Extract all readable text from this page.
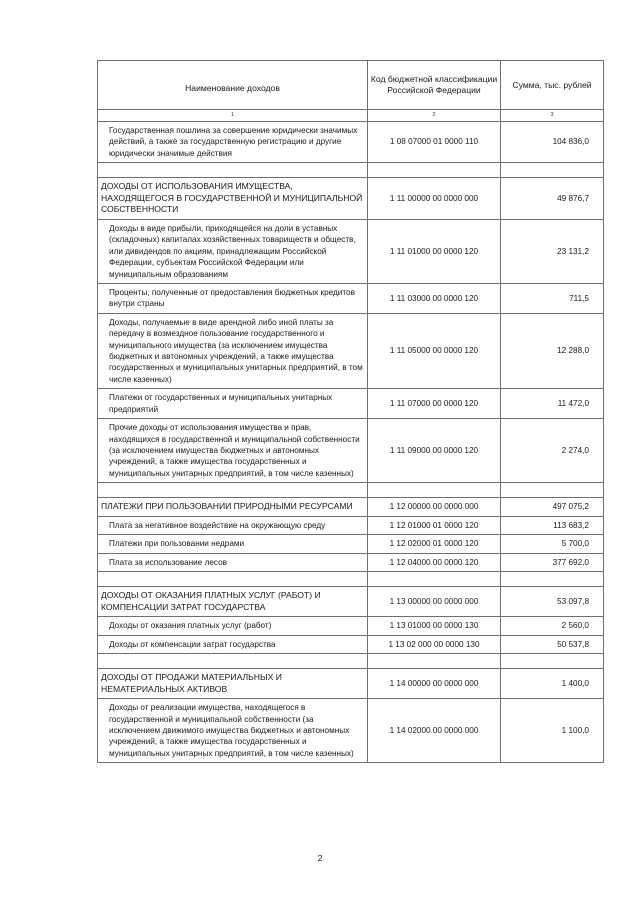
Наименование доходов	Код бюджетной классификации Российской Федерации	Сумма, тыс. рублей
1	2	3
Государственная пошлина за совершение юридически значимых действий, а также за государственную регистрацию и другие юридически значимые действия	1 08 07000 01 0000 110	104 836,0

ДОХОДЫ ОТ ИСПОЛЬЗОВАНИЯ ИМУЩЕСТВА, НАХОДЯЩЕГОСЯ В ГОСУДАРСТВЕННОЙ И МУНИЦИПАЛЬНОЙ СОБСТВЕННОСТИ	1 11 00000 00 0000 000	49 876,7
Доходы в виде прибыли, приходящейся на доли в уставных (складочных) капиталах хозяйственных товариществ и обществ, или дивидендов по акциям, принадлежащим Российской Федерации, субъектам Российской Федерации или муниципальным образованиям	1 11 01000 00 0000 120	23 131,2
Проценты, полученные от предоставления бюджетных кредитов внутри страны	1 11 03000 00 0000 120	711,5
Доходы, получаемые в виде арендной либо иной платы за передачу в возмездное пользование государственного и муниципального имущества (за исключением имущества бюджетных и автономных учреждений, а также имущества государственных и муниципальных унитарных предприятий, в том числе казенных)	1 11 05000 00 0000 120	12 288,0
Платежи от государственных и муниципальных унитарных предприятий	1 11 07000 00 0000 120	11 472,0
Прочие доходы от использования имущества и прав, находящихся в государственной и муниципальной собственности (за исключением имущества бюджетных и автономных учреждений, а также имущества государственных и муниципальных унитарных предприятий, в том числе казенных)	1 11 09000 00 0000 120	2 274,0

ПЛАТЕЖИ ПРИ ПОЛЬЗОВАНИИ ПРИРОДНЫМИ РЕСУРСАМИ	1 12 00000 00 0000 000	497 075,2
Плата за негативное воздействие на окружающую среду	1 12 01000 01 0000 120	113 683,2
Платежи при пользовании недрами	1 12 02000 01 0000 120	5 700,0
Плата за использование лесов	1 12 04000 00 0000 120	377 692,0

ДОХОДЫ ОТ ОКАЗАНИЯ ПЛАТНЫХ УСЛУГ (РАБОТ) И КОМПЕНСАЦИИ ЗАТРАТ ГОСУДАРСТВА	1 13 00000 00 0000 000	53 097,8
Доходы от оказания платных услуг (работ)	1 13 01000 00 0000 130	2 560,0
Доходы от компенсации затрат государства	1 13 02 000 00 0000 130	50 537,8

ДОХОДЫ ОТ ПРОДАЖИ МАТЕРИАЛЬНЫХ И НЕМАТЕРИАЛЬНЫХ АКТИВОВ	1 14 00000 00 0000 000	1 400,0
Доходы от реализации имущества, находящегося в государственной и муниципальной собственности (за исключением движимого имущества бюджетных и автономных учреждений, а также имущества государственных и муниципальных унитарных предприятий, в том числе казенных)	1 14 02000 00 0000 000	1 100,0
2
